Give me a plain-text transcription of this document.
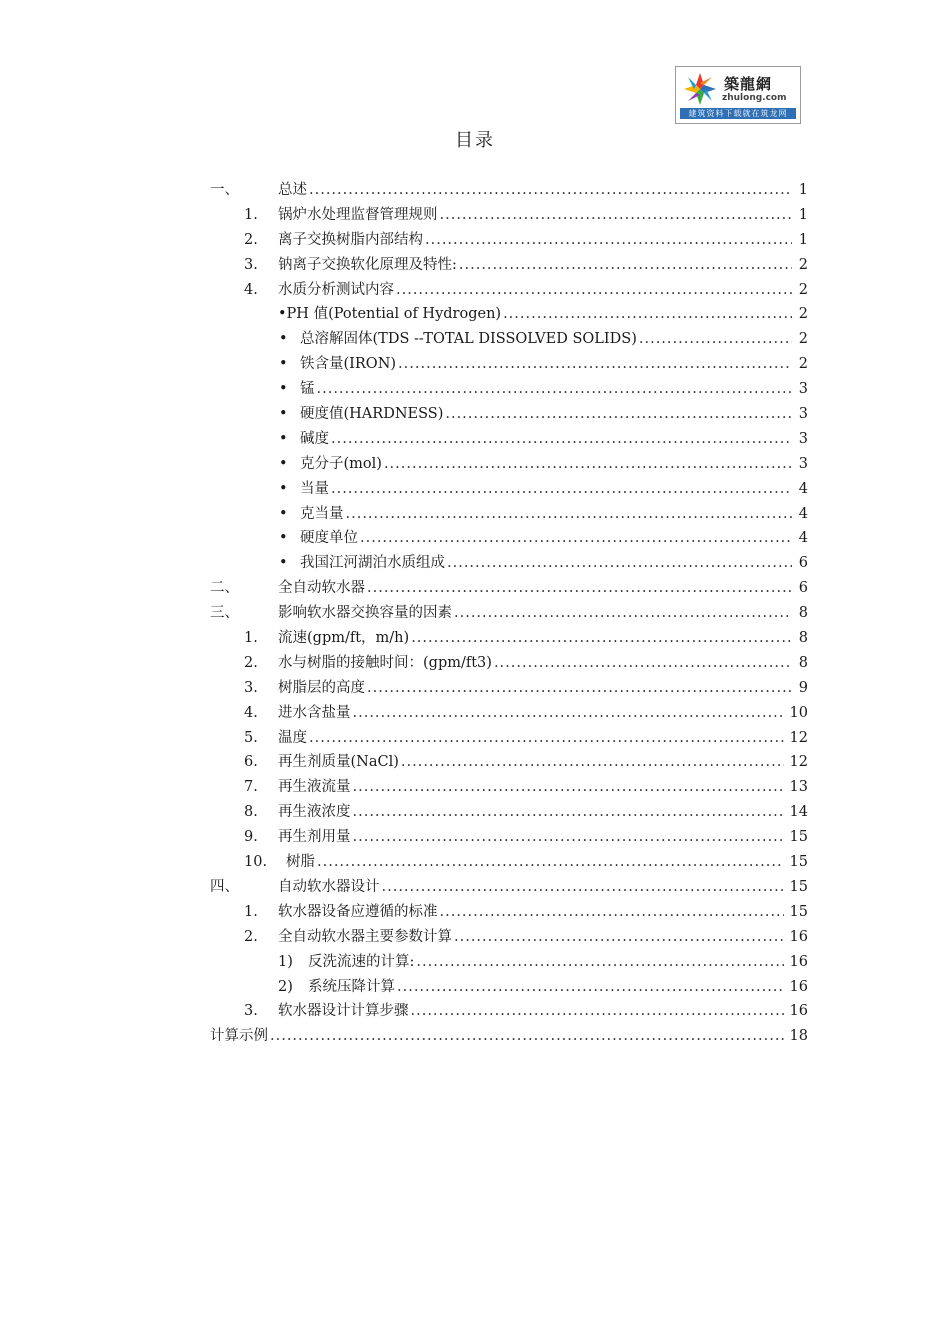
築龍網
zhulong.com
建筑资料下载就在筑龙网
目录
一、	总述 .....	1
1. 锅炉水处理监督管理规则 .....	1
2. 离子交换树脂内部结构 .....	1
3. 钠离子交换软化原理及特性: .....	2
4. 水质分析测试内容 .....	2
•PH 值(Potential of Hydrogen) .....	2
• 总溶解固体(TDS --TOTAL DISSOLVED SOLIDS) .....	2
• 铁含量(IRON) .....	2
• 锰 .....	3
• 硬度值(HARDNESS) .....	3
• 碱度 .....	3
• 克分子(mol) .....	3
• 当量 .....	4
• 克当量 .....	4
• 硬度单位 .....	4
• 我国江河湖泊水质组成 .....	6
二、	全自动软水器 .....	6
三、	影响软水器交换容量的因素 .....	8
1. 流速(gpm/ft，m/h) .....	8
2. 水与树脂的接触时间：(gpm/ft3) .....	8
3. 树脂层的高度 .....	9
4. 进水含盐量 .....	10
5. 温度 .....	12
6. 再生剂质量(NaCl) .....	12
7. 再生液流量 .....	13
8. 再生液浓度 .....	14
9. 再生剂用量 .....	15
10. 树脂 .....	15
四、	自动软水器设计 .....	15
1. 软水器设备应遵循的标准 .....	15
2. 全自动软水器主要参数计算 .....	16
1) 反洗流速的计算: .....	16
2) 系统压降计算 .....	16
3. 软水器设计计算步骤 .....	16
计算示例 .....	18
